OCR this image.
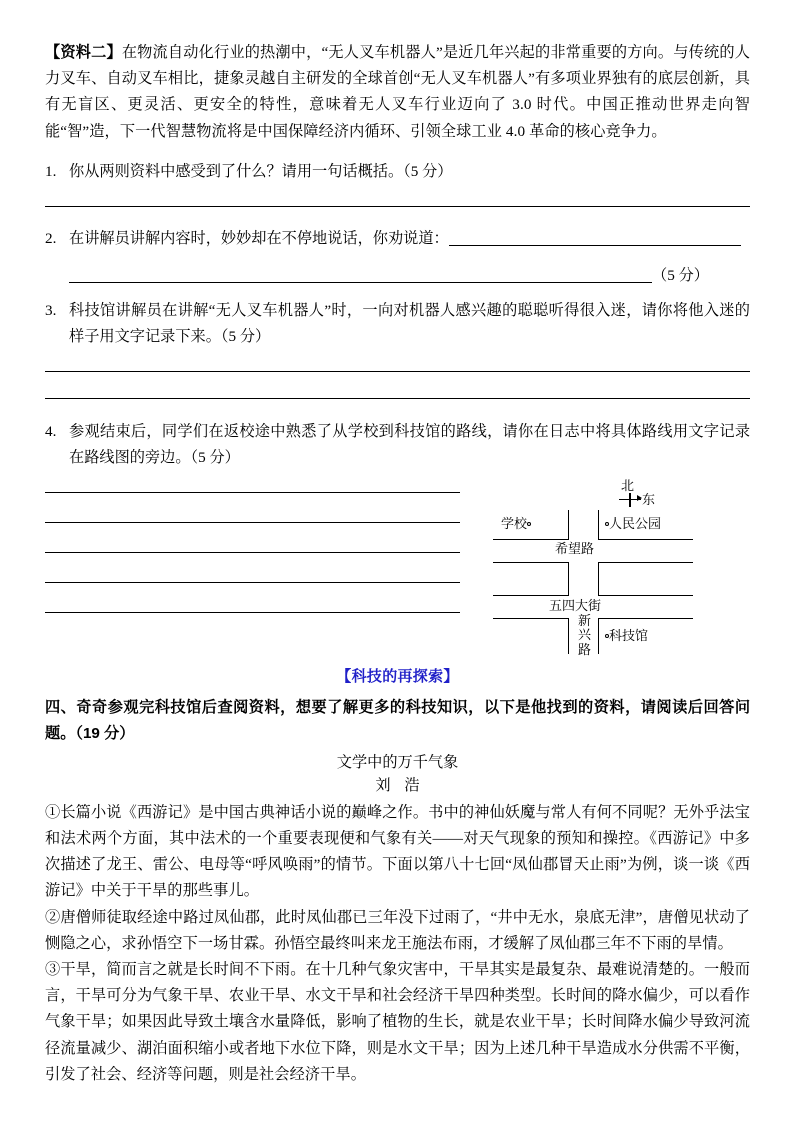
【资料二】在物流自动化行业的热潮中，“无人叉车机器人”是近几年兴起的非常重要的方向。与传统的人力叉车、自动叉车相比，捷象灵越自主研发的全球首创“无人叉车机器人”有多项业界独有的底层创新，具有无盲区、更灵活、更安全的特性，意味着无人叉车行业迈向了 3.0 时代。中国正推动世界走向智能“智”造，下一代智慧物流将是中国保障经济内循环、引领全球工业 4.0 革命的核心竞争力。

1. 你从两则资料中感受到了什么？请用一句话概括。（5 分）
2. 在讲解员讲解内容时，妙妙却在不停地说话，你劝说道：
（5 分）
3. 科技馆讲解员在讲解“无人叉车机器人”时，一向对机器人感兴趣的聪聪听得很入迷，请你将他入迷的样子用文字记录下来。（5 分）
4. 参观结束后，同学们在返校途中熟悉了从学校到科技馆的路线，请你在日志中将具体路线用文字记录在路线图的旁边。（5 分）
北
东
学校	人民公园
希望路
五四大街
新兴路
科技馆
【科技的再探索】
四、奇奇参观完科技馆后查阅资料，想要了解更多的科技知识，以下是他找到的资料，请阅读后回答问题。（19 分）
文学中的万千气象
刘 浩

①长篇小说《西游记》是中国古典神话小说的巅峰之作。书中的神仙妖魔与常人有何不同呢？无外乎法宝和法术两个方面，其中法术的一个重要表现便和气象有关——对天气现象的预知和操控。《西游记》中多次描述了龙王、雷公、电母等“呼风唤雨”的情节。下面以第八十七回“凤仙郡冒天止雨”为例，谈一谈《西游记》中关于干旱的那些事儿。

②唐僧师徒取经途中路过凤仙郡，此时凤仙郡已三年没下过雨了，“井中无水，泉底无津”，唐僧见状动了恻隐之心，求孙悟空下一场甘霖。孙悟空最终叫来龙王施法布雨，才缓解了凤仙郡三年不下雨的旱情。

③干旱，简而言之就是长时间不下雨。在十几种气象灾害中，干旱其实是最复杂、最难说清楚的。一般而言，干旱可分为气象干旱、农业干旱、水文干旱和社会经济干旱四种类型。长时间的降水偏少，可以看作气象干旱；如果因此导致土壤含水量降低，影响了植物的生长，就是农业干旱；长时间降水偏少导致河流径流量减少、湖泊面积缩小或者地下水位下降，则是水文干旱；因为上述几种干旱造成水分供需不平衡，引发了社会、经济等问题，则是社会经济干旱。
